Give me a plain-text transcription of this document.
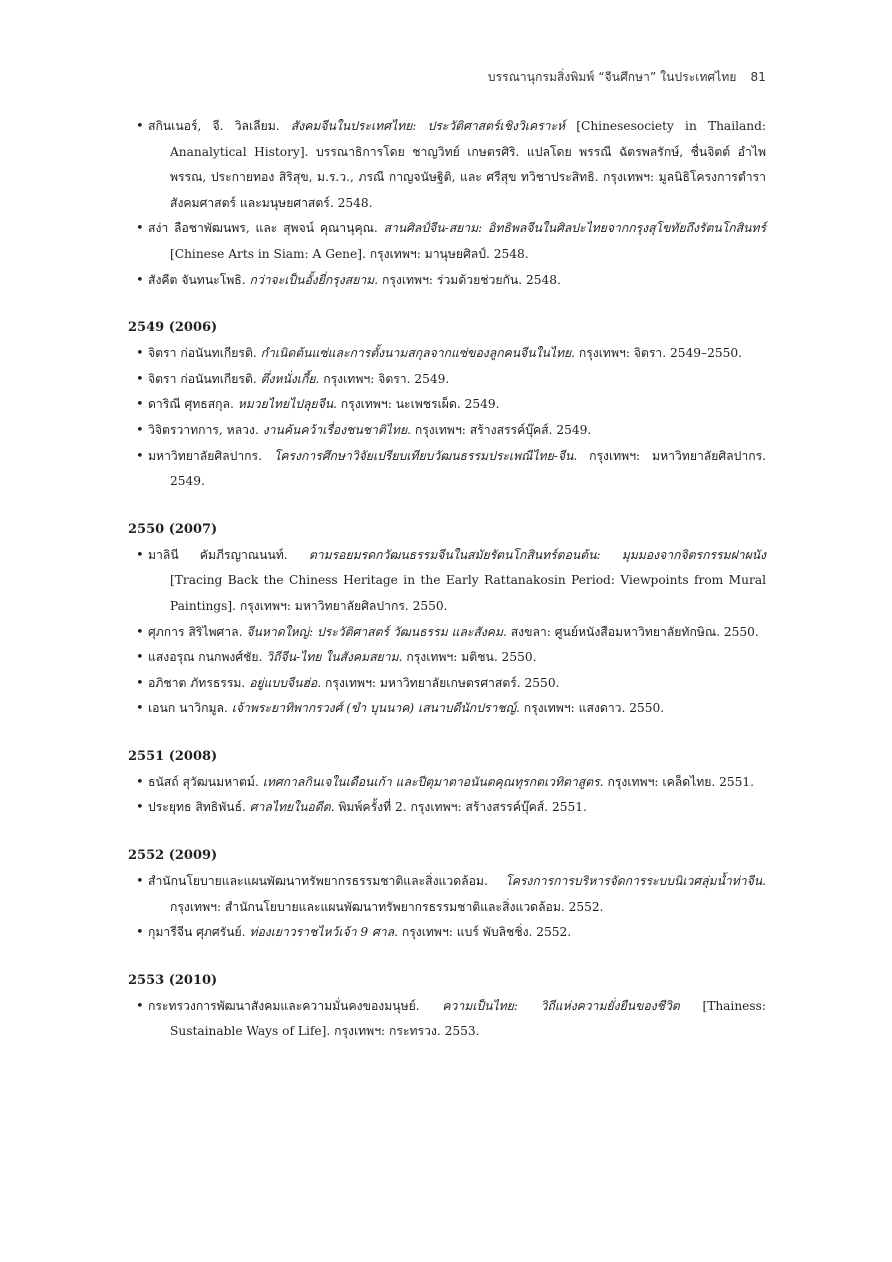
บรรณานุกรมสิ่งพิมพ์ “จีนศึกษา” ในประเทศไทย 81
• สกินเนอร์, จี. วิลเลียม. สังคมจีนในประเทศไทย: ประวัติศาสตร์เชิงวิเคราะห์ [Chinesesociety in Thailand: Ananalytical History]. บรรณาธิการโดย ชาญวิทย์ เกษตรศิริ. แปลโดย พรรณี ฉัตรพลรักษ์, ชื่นจิตต์ อำไพพรรณ, ประกายทอง สิริสุข, ม.ร.ว., ภรณี กาญจนัษฐิติ, และ ศรีสุข ทวิชาประสิทธิ. กรุงเทพฯ: มูลนิธิโครงการตำราสังคมศาสตร์ และมนุษยศาสตร์. 2548.
• สง่า ลือชาพัฒนพร, และ สุพจน์ คุณานุคุณ. สานศิลป์จีน-สยาม: อิทธิพลจีนในศิลปะไทยจากกรุงสุโขทัยถึงรัตนโกสินทร์ [Chinese Arts in Siam: A Gene]. กรุงเทพฯ: มานุษยศิลป์. 2548.
• สังคีต จันทนะโพธิ. กว่าจะเป็นอั้งยี่กรุงสยาม. กรุงเทพฯ: ร่วมด้วยช่วยกัน. 2548.
2549 (2006)
• จิตรา ก่อนันทเกียรติ. กำเนิดต้นแซ่และการตั้งนามสกุลจากแซ่ของลูกคนจีนในไทย. กรุงเทพฯ: จิตรา. 2549–2550.
• จิตรา ก่อนันทเกียรติ. ตึ่งหนั่งเกี้ย. กรุงเทพฯ: จิตรา. 2549.
• ดาริณี ศุทธสกุล. หมวยไทยไปลุยจีน. กรุงเทพฯ: นะเพชรเผ็ด. 2549.
• วิจิตรวาทการ, หลวง. งานค้นคว้าเรื่องชนชาติไทย. กรุงเทพฯ: สร้างสรรค์บุ๊คส์. 2549.
• มหาวิทยาลัยศิลปากร. โครงการศึกษาวิจัยเปรียบเทียบวัฒนธรรมประเพณีไทย-จีน. กรุงเทพฯ: มหาวิทยาลัยศิลปากร. 2549.
2550 (2007)
• มาลินี คัมภีรญาณนนท์. ตามรอยมรดกวัฒนธรรมจีนในสมัยรัตนโกสินทร์ตอนต้น: มุมมองจากจิตรกรรมฝาผนัง [Tracing Back the Chiness Heritage in the Early Rattanakosin Period: Viewpoints from Mural Paintings]. กรุงเทพฯ: มหาวิทยาลัยศิลปากร. 2550.
• ศุภการ สิริไพศาล. จีนหาดใหญ่: ประวัติศาสตร์ วัฒนธรรม และสังคม. สงขลา: ศูนย์หนังสือมหาวิทยาลัยทักษิณ. 2550.
• แสงอรุณ กนกพงศ์ชัย. วิถีจีน-ไทย ในสังคมสยาม. กรุงเทพฯ: มติชน. 2550.
• อภิชาต ภัทรธรรม. อยู่แบบจีนฮ่อ. กรุงเทพฯ: มหาวิทยาลัยเกษตรศาสตร์. 2550.
• เอนก นาวิกมูล. เจ้าพระยาทิพากรวงศ์ (ขำ บุนนาค) เสนาบดีนักปราชญ์. กรุงเทพฯ: แสงดาว. 2550.
2551 (2008)
• ธนัสถ์ สุวัฒนมหาตม์. เทศกาลกินเจในเดือนเก้า และปีตุมาตาอนันตคุณทุรกตเวทิตาสูตร. กรุงเทพฯ: เคล็ดไทย. 2551.
• ประยุทธ สิทธิพันธ์. ศาลไทยในอดีต. พิมพ์ครั้งที่ 2. กรุงเทพฯ: สร้างสรรค์บุ๊คส์. 2551.
2552 (2009)
• สำนักนโยบายและแผนพัฒนาทรัพยากรธรรมชาติและสิ่งแวดล้อม. โครงการการบริหารจัดการระบบนิเวศลุ่มน้ำท่าจีน. กรุงเทพฯ: สำนักนโยบายและแผนพัฒนาทรัพยากรธรรมชาติและสิ่งแวดล้อม. 2552.
• กุมารีจีน ศุภศรันย์. ท่องเยาวราชไหว้เจ้า 9 ศาล. กรุงเทพฯ: แบร์ พับลิชชิ่ง. 2552.
2553 (2010)
• กระทรวงการพัฒนาสังคมและความมั่นคงของมนุษย์. ความเป็นไทย: วิถีแห่งความยั่งยืนของชีวิต [Thainess: Sustainable Ways of Life]. กรุงเทพฯ: กระทรวง. 2553.
